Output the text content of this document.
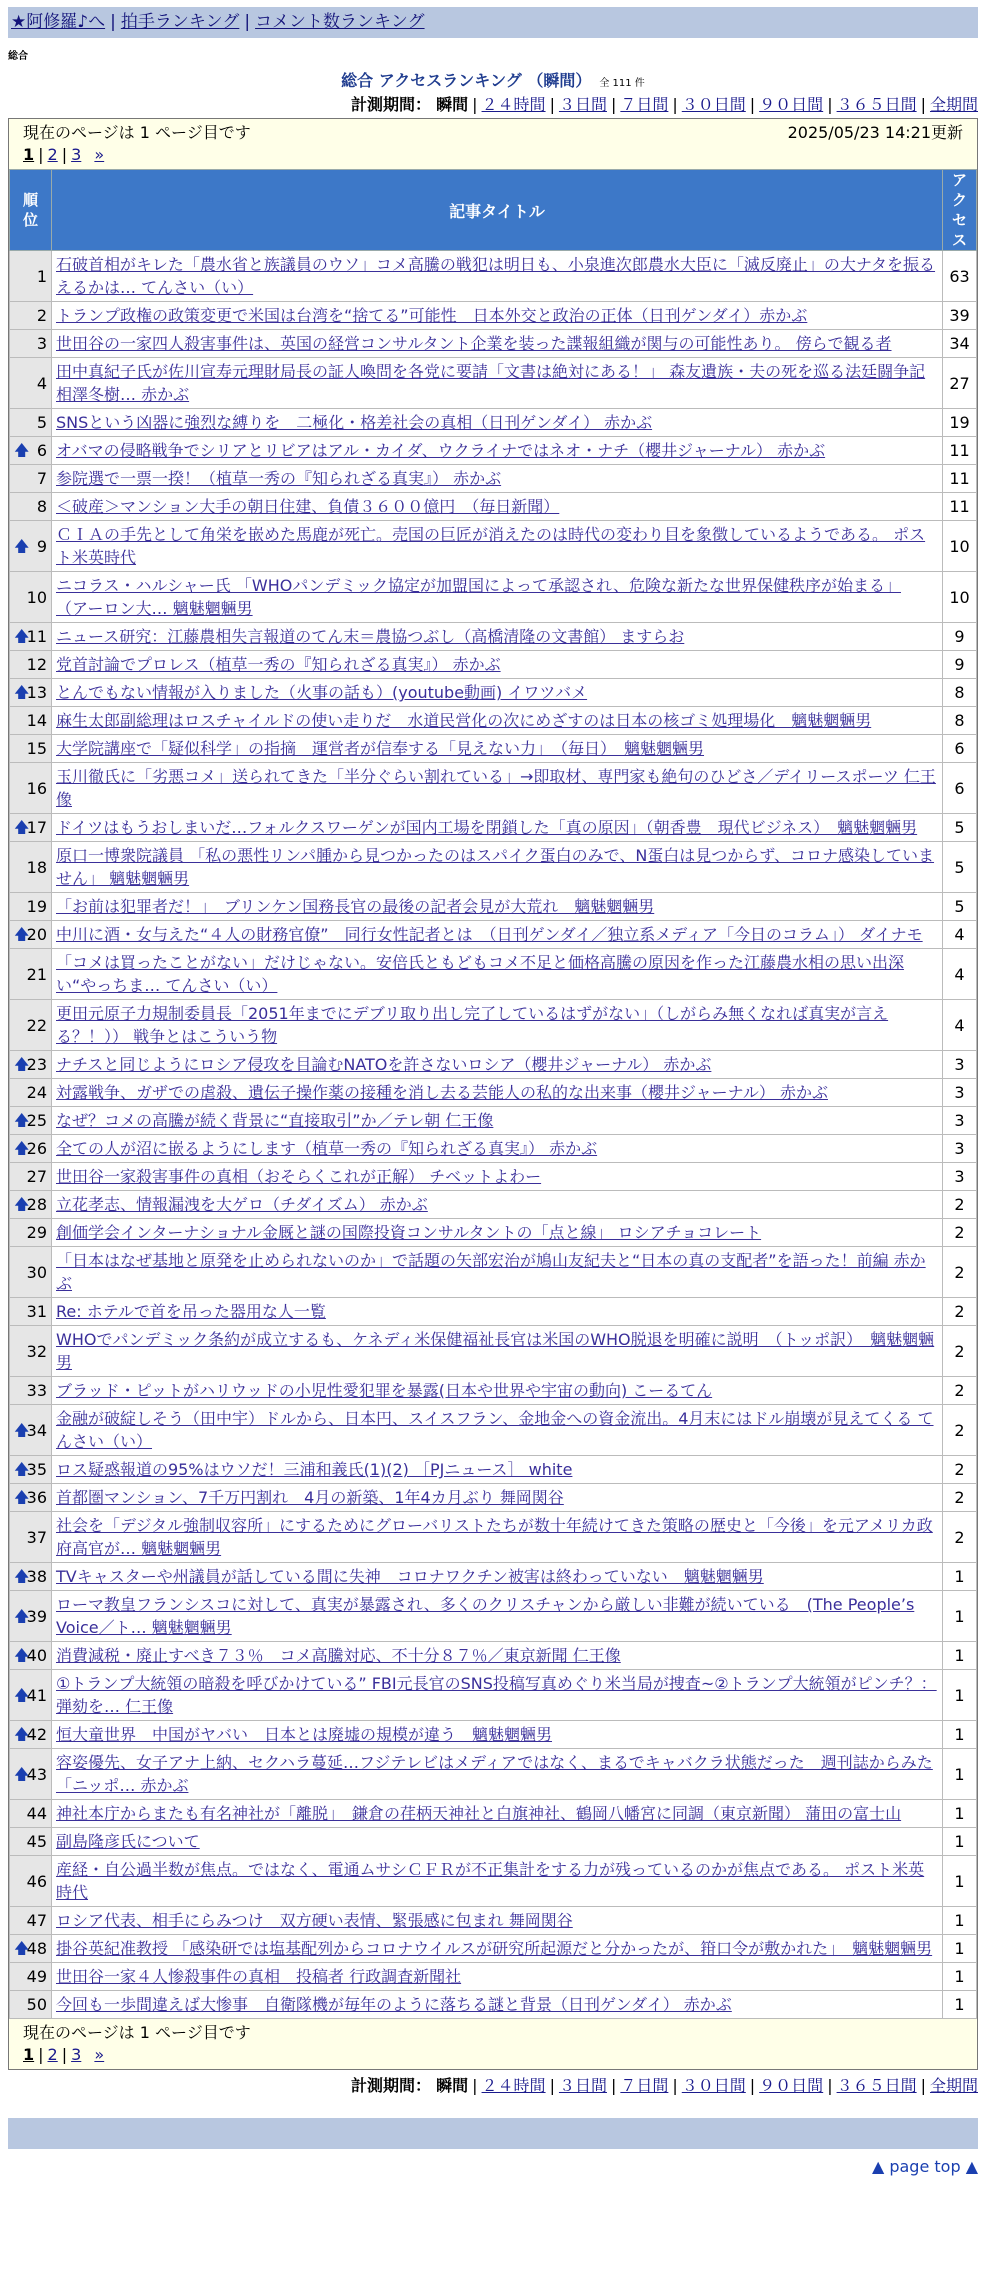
★阿修羅♪へ | 拍手ランキング | コメント数ランキング
総合
総合 アクセスランキング （瞬間） 全 111 件
計測期間： 瞬間 | ２４時間 | ３日間 | ７日間 | ３０日間 | ９０日間 | ３６５日間 | 全期間
現在のページは 1 ページ目です	2025/05/23 14:21更新
1 | 2 | 3 »
順位	記事タイトル	アクセス
1	石破首相がキレた「農水省と族議員のウソ」コメ高騰の戦犯は明日も、小泉進次郎農水大臣に「滅反廃止」の大ナタを振るえるかは… てんさい（い）	63
2	トランプ政権の政策変更で米国は台湾を“捨てる”可能性　日本外交と政治の正体（日刊ゲンダイ）赤かぶ	39
3	世田谷の一家四人殺害事件は、英国の経営コンサルタント企業を装った諜報組織が関与の可能性あり。 傍らで観る者	34
4	田中真紀子氏が佐川宣寿元理財局長の証人喚問を各党に要請「文書は絶対にある！」 森友遺族・夫の死を巡る法廷闘争記 相澤冬樹… 赤かぶ	27
5	SNSという凶器に強烈な縛りを　二極化・格差社会の真相（日刊ゲンダイ） 赤かぶ	19

🡅 6	オバマの侵略戦争でシリアとリビアはアル・カイダ、ウクライナではネオ・ナチ（櫻井ジャーナル） 赤かぶ	11
7	参院選で一票一揆！（植草一秀の『知られざる真実』） 赤かぶ	11
8	＜破産＞マンション大手の朝日住建、負債３６００億円　（毎日新聞）	11

🡅 9	ＣＩＡの手先として角栄を嵌めた馬鹿が死亡。売国の巨匠が消えたのは時代の変わり目を象徴しているようである。 ポスト米英時代	10
10	ニコラス・ハルシャー氏 「WHOパンデミック協定が加盟国によって承認され、危険な新たな世界保健秩序が始まる」 （アーロン大… 魑魅魍魎男	10

🡅
11	ニュース研究：江藤農相失言報道のてん末＝農協つぶし（高橋清隆の文書館） ますらお	9
12	党首討論でプロレス（植草一秀の『知られざる真実』） 赤かぶ	9

🡅
13	とんでもない情報が入りました（火事の話も）(youtube動画) イワツバメ	8
14	麻生太郎副総理はロスチャイルドの使い走りだ　水道民営化の次にめざすのは日本の核ゴミ処理場化　魑魅魍魎男	8
15	大学院講座で「疑似科学」の指摘　運営者が信奉する「見えない力」　（毎日）　魑魅魍魎男	6
16	玉川徹氏に「劣悪コメ」送られてきた「半分ぐらい割れている」→即取材、専門家も絶句のひどさ／デイリースポーツ 仁王像	6

🡅
17	ドイツはもうおしまいだ…フォルクスワーゲンが国内工場を閉鎖した「真の原因」（朝香豊　現代ビジネス）　魑魅魍魎男	5
18	原口一博衆院議員 「私の悪性リンパ腫から見つかったのはスパイク蛋白のみで、N蛋白は見つからず、コロナ感染していません」 魑魅魍魎男	5
19	「お前は犯罪者だ！」　ブリンケン国務長官の最後の記者会見が大荒れ　魑魅魍魎男	5

🡅
20	中川に酒・女与えた“４人の財務官僚”　同行女性記者とは　（日刊ゲンダイ／独立系メディア「今日のコラム」） ダイナモ	4
21	「コメは買ったことがない」だけじゃない。安倍氏ともどもコメ不足と価格高騰の原因を作った江藤農水相の思い出深い“やっちま… てんさい（い）	4
22	更田元原子力規制委員長「2051年までにデブリ取り出し完了しているはずがない」（しがらみ無くなれば真実が言える？！）） 戦争とはこういう物	4

🡅
23	ナチスと同じようにロシア侵攻を目論むNATOを許さないロシア（櫻井ジャーナル） 赤かぶ	3
24	対露戦争、ガザでの虐殺、遺伝子操作薬の接種を消し去る芸能人の私的な出来事（櫻井ジャーナル） 赤かぶ	3

🡅
25	なぜ？コメの高騰が続く背景に“直接取引”か／テレ朝 仁王像	3

🡅
26	全ての人が沼に嵌るようにします（植草一秀の『知られざる真実』） 赤かぶ	3
27	世田谷一家殺害事件の真相（おそらくこれが正解） チベットよわー	3

🡅
28	立花孝志、情報漏洩を大ゲロ（チダイズム） 赤かぶ	2
29	創価学会インターナショナル金厩と謎の国際投資コンサルタントの「点と線」 ロシアチョコレート	2
30	「日本はなぜ基地と原発を止められないのか」で話題の矢部宏治が鳩山友紀夫と“日本の真の支配者”を語った！前編 赤かぶ	2
31	Re: ホテルで首を吊った器用な人一覧	2
32	WHOでパンデミック条約が成立するも、ケネディ米保健福祉長官は米国のWHO脱退を明確に説明　（トッポ訳）　魑魅魍魎男	2
33	ブラッド・ピットがハリウッドの小児性愛犯罪を暴露(日本や世界や宇宙の動向) こーるてん	2

🡅
34	金融が破綻しそう（田中宇）ドルから、日本円、スイスフラン、金地金への資金流出。4月末にはドル崩壊が見えてくる てんさい（い）	2

🡅
35	ロス疑惑報道の95%はウソだ！三浦和義氏(1)(2) ［PJニュース］ white	2

🡅
36	首都圏マンション、7千万円割れ　4月の新築、1年4カ月ぶり 舞岡関谷	2
37	社会を「デジタル強制収容所」にするためにグローバリストたちが数十年続けてきた策略の歴史と「今後」を元アメリカ政府高官が… 魑魅魍魎男	2

🡅
38	TVキャスターや州議員が話している間に失神　コロナワクチン被害は終わっていない　魑魅魍魎男	1

🡅
39	ローマ教皇フランシスコに対して、真実が暴露され、多くのクリスチャンから厳しい非難が続いている　(The People’s Voice／ト… 魑魅魍魎男	1

🡅
40	消費減税・廃止すべき７３％　コメ高騰対応、不十分８７％／東京新聞 仁王像	1

🡅
41	①トランプ大統領の暗殺を呼びかけている” FBI元長官のSNS投稿写真めぐり米当局が捜査~②トランプ大統領がピンチ？：弾劾を… 仁王像	1

🡅
42	恒大童世界　中国がヤバい　日本とは廃墟の規模が違う　魑魅魍魎男	1

🡅
43	容姿優先、女子アナ上納、セクハラ蔓延…フジテレビはメディアではなく、まるでキャバクラ状態だった　週刊誌からみた「ニッポ… 赤かぶ	1
44	神社本庁からまたも有名神社が「離脱」　鎌倉の荏柄天神社と白旗神社、鶴岡八幡宮に同調（東京新聞） 蒲田の富士山	1
45	副島隆彦氏について	1
46	産経・自公過半数が焦点。ではなく、電通ムサシＣＦＲが不正集計をする力が残っているのかが焦点である。 ポスト米英時代	1
47	ロシア代表、相手にらみつけ　双方硬い表情、緊張感に包まれ 舞岡関谷	1

🡅
48	掛谷英紀准教授 「感染研では塩基配列からコロナウイルスが研究所起源だと分かったが、箝口令が敷かれた」　魑魅魍魎男	1
49	世田谷一家４人惨殺事件の真相　投稿者 行政調査新聞社	1
50	今回も一歩間違えば大惨事　自衛隊機が毎年のように落ちる謎と背景（日刊ゲンダイ） 赤かぶ	1
現在のページは 1 ページ目です
1 | 2 | 3 »
計測期間： 瞬間 | ２４時間 | ３日間 | ７日間 | ３０日間 | ９０日間 | ３６５日間 | 全期間
▲ page top ▲
